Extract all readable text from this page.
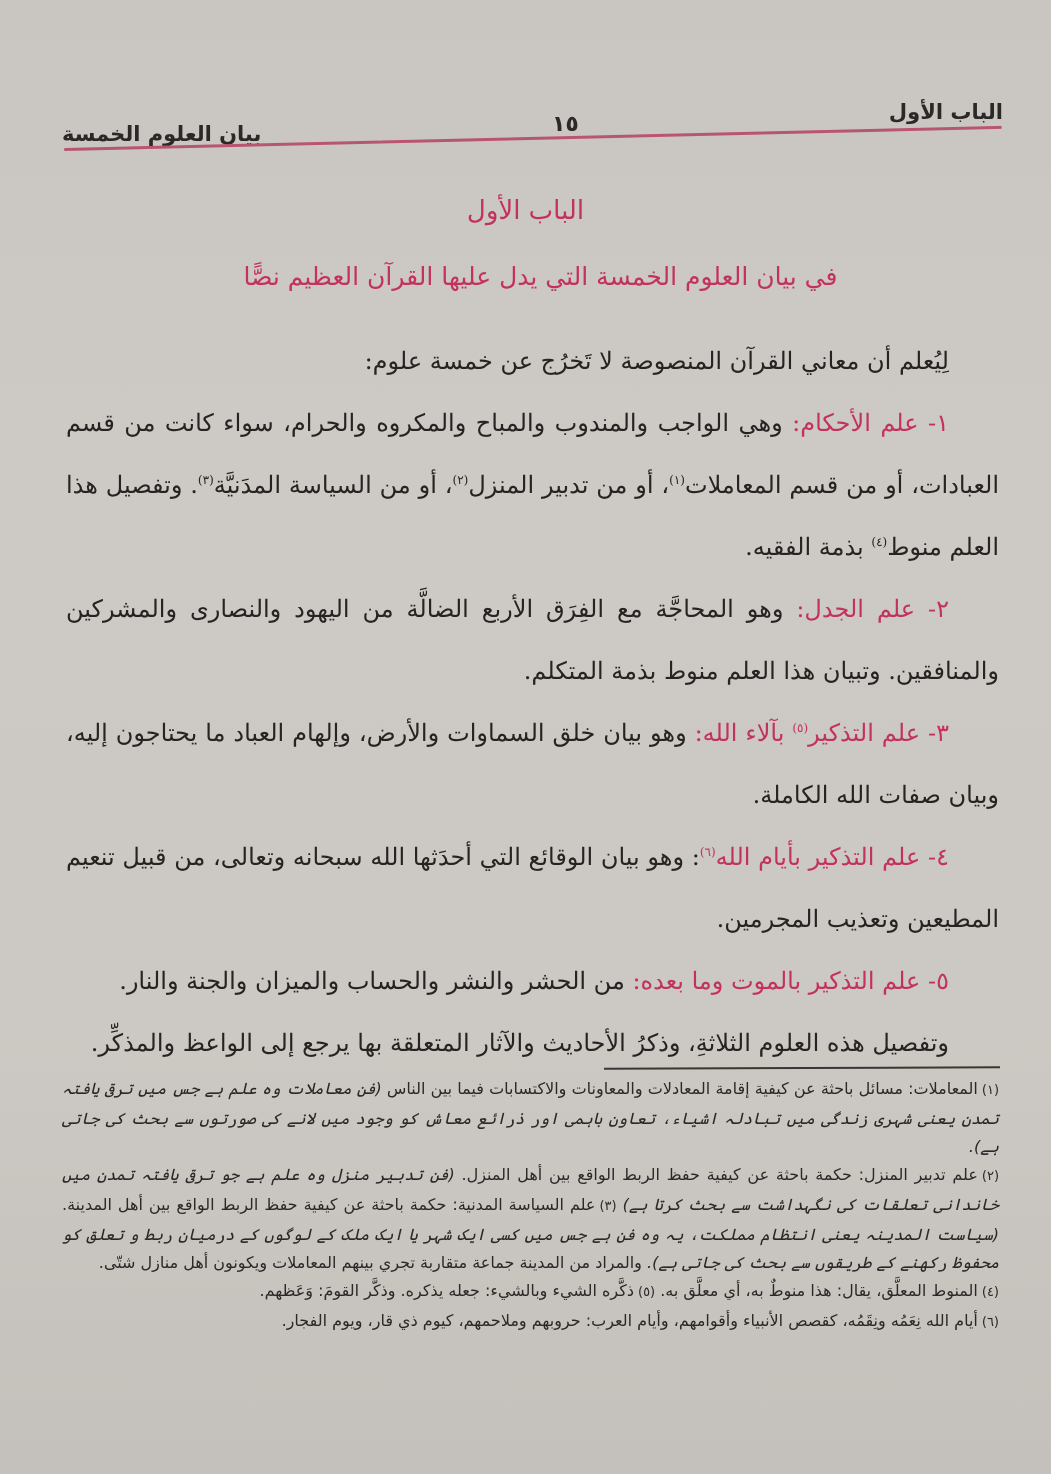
الباب الأول
١٥
بيان العلوم الخمسة
الباب الأول
في بيان العلوم الخمسة التي يدل عليها القرآن العظيم نصًّا

لِيُعلم أن معاني القرآن المنصوصة لا تَخرُج عن خمسة علوم:

١- علم الأحكام: وهي الواجب والمندوب والمباح والمكروه والحرام، سواء كانت من قسم العبادات، أو من قسم المعاملات$^{(١)}$، أو من تدبير المنزل$^{(٢)}$، أو من السياسة المدَنيَّة$^{(٣)}$. وتفصيل هذا العلم منوط$^{(٤)}$ بذمة الفقيه.

٢- علم الجدل: وهو المحاجَّة مع الفِرَق الأربع الضالَّة من اليهود والنصارى والمشركين والمنافقين. وتبيان هذا العلم منوط بذمة المتكلم.

٣- علم التذكير$^{(٥)}$ بآلاء الله: وهو بيان خلق السماوات والأرض، وإلهام العباد ما يحتاجون إليه، وبيان صفات الله الكاملة.

٤- علم التذكير بأيام الله$^{(٦)}$: وهو بيان الوقائع التي أحدَثها الله سبحانه وتعالى، من قبيل تنعيم المطيعين وتعذيب المجرمين.

٥- علم التذكير بالموت وما بعده: من الحشر والنشر والحساب والميزان والجنة والنار.

وتفصيل هذه العلوم الثلاثةِ، وذكرُ الأحاديث والآثار المتعلقة بها يرجع إلى الواعظ والمذكِّر.

(١)المعاملات: مسائل باحثة عن كيفية إقامة المعادلات والمعاونات والاكتسابات فيما بين الناس (فن معاملات وہ علم ہے جس میں ترقی یافتہ تمدن یعنی شہری زندگی میں تبادلہ اشیاء، تعاون باہمی اور ذرائع معاش کو وجود میں لانے کی صورتوں سے بحث کی جاتی ہے).

(٢)علم تدبير المنزل: حكمة باحثة عن كيفية حفظ الربط الواقع بين أهل المنزل. (فن تدبیر منزل وہ علم ہے جو ترقی یافتہ تمدن میں خاندانی تعلقات کی نگہداشت سے بحث کرتا ہے) (٣)علم السياسة المدنية: حكمة باحثة عن كيفية حفظ الربط الواقع بين أهل المدينة. (سیاست المدینہ یعنی انتظام مملکت، یہ وہ فن ہے جس میں کسی ایک شہر یا ایک ملک کے لوگوں کے درمیان ربط و تعلق کو محفوظ رکھنے کے طریقوں سے بحث کی جاتی ہے). والمراد من المدينة جماعة متقاربة تجري بينهم المعاملات ويكونون أهل منازل شتّى.

(٤)المنوط المعلَّق، يقال: هذا منوطٌ به، أي معلَّق به. (٥)ذكَّره الشيء وبالشيء: جعله يذكره. وذكَّر القومَ: وَعَظهم.

(٦)أيام الله نِعَمُه ونِقَمُه، كقصص الأنبياء وأقوامهم، وأيام العرب: حروبهم وملاحمهم، كيوم ذي قار، ويوم الفجار.
